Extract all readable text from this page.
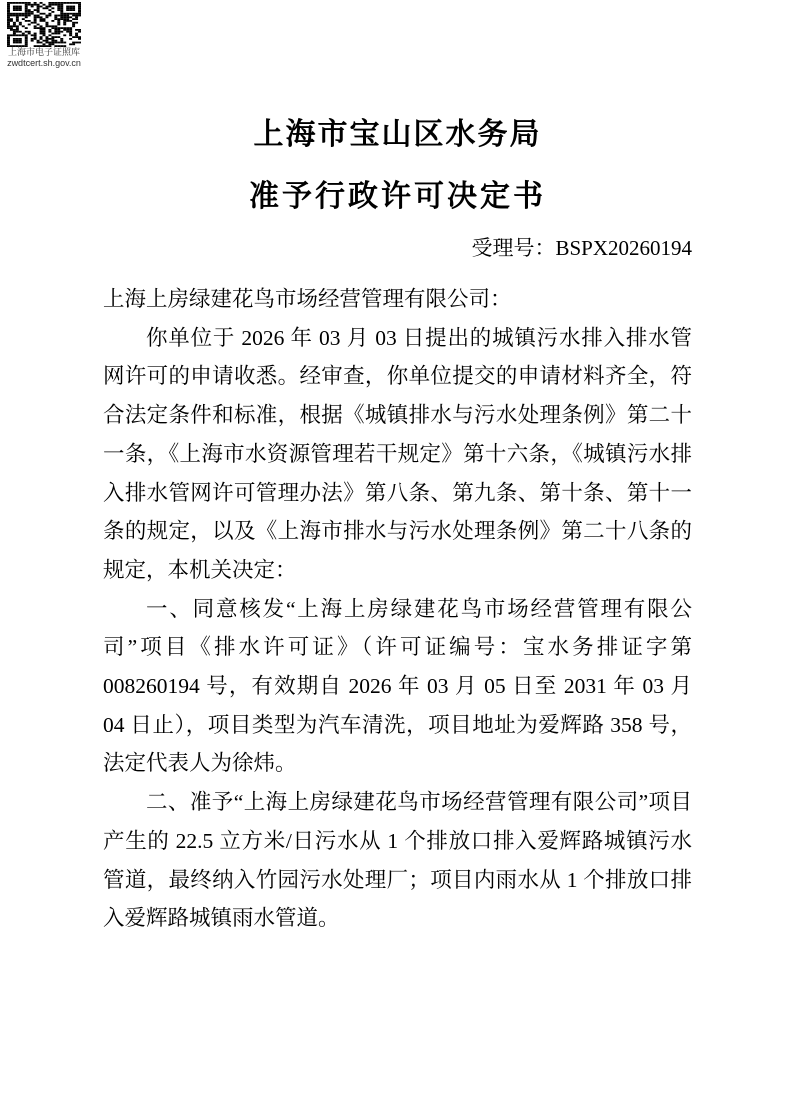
上海市电子证照库
zwdtcert.sh.gov.cn
上海市宝山区水务局
准予行政许可决定书
受理号：BSPX20260194

上海上房绿建花鸟市场经营管理有限公司：

你单位于 2026 年 03 月 03 日提出的城镇污水排入排水管网许可的申请收悉。经审查，你单位提交的申请材料齐全，符合法定条件和标准，根据《城镇排水与污水处理条例》第二十一条，《上海市水资源管理若干规定》第十六条，《城镇污水排入排水管网许可管理办法》第八条、第九条、第十条、第十一条的规定，以及《上海市排水与污水处理条例》第二十八条的规定，本机关决定：

一、同意核发“上海上房绿建花鸟市场经营管理有限公司”项目《排水许可证》（许可证编号：宝水务排证字第 008260194 号，有效期自 2026 年 03 月 05 日至 2031 年 03 月 04 日止），项目类型为汽车清洗，项目地址为爱辉路 358 号，法定代表人为徐炜。

二、准予“上海上房绿建花鸟市场经营管理有限公司”项目产生的 22.5 立方米/日污水从 1 个排放口排入爱辉路城镇污水管道，最终纳入竹园污水处理厂；项目内雨水从 1 个排放口排入爱辉路城镇雨水管道。
